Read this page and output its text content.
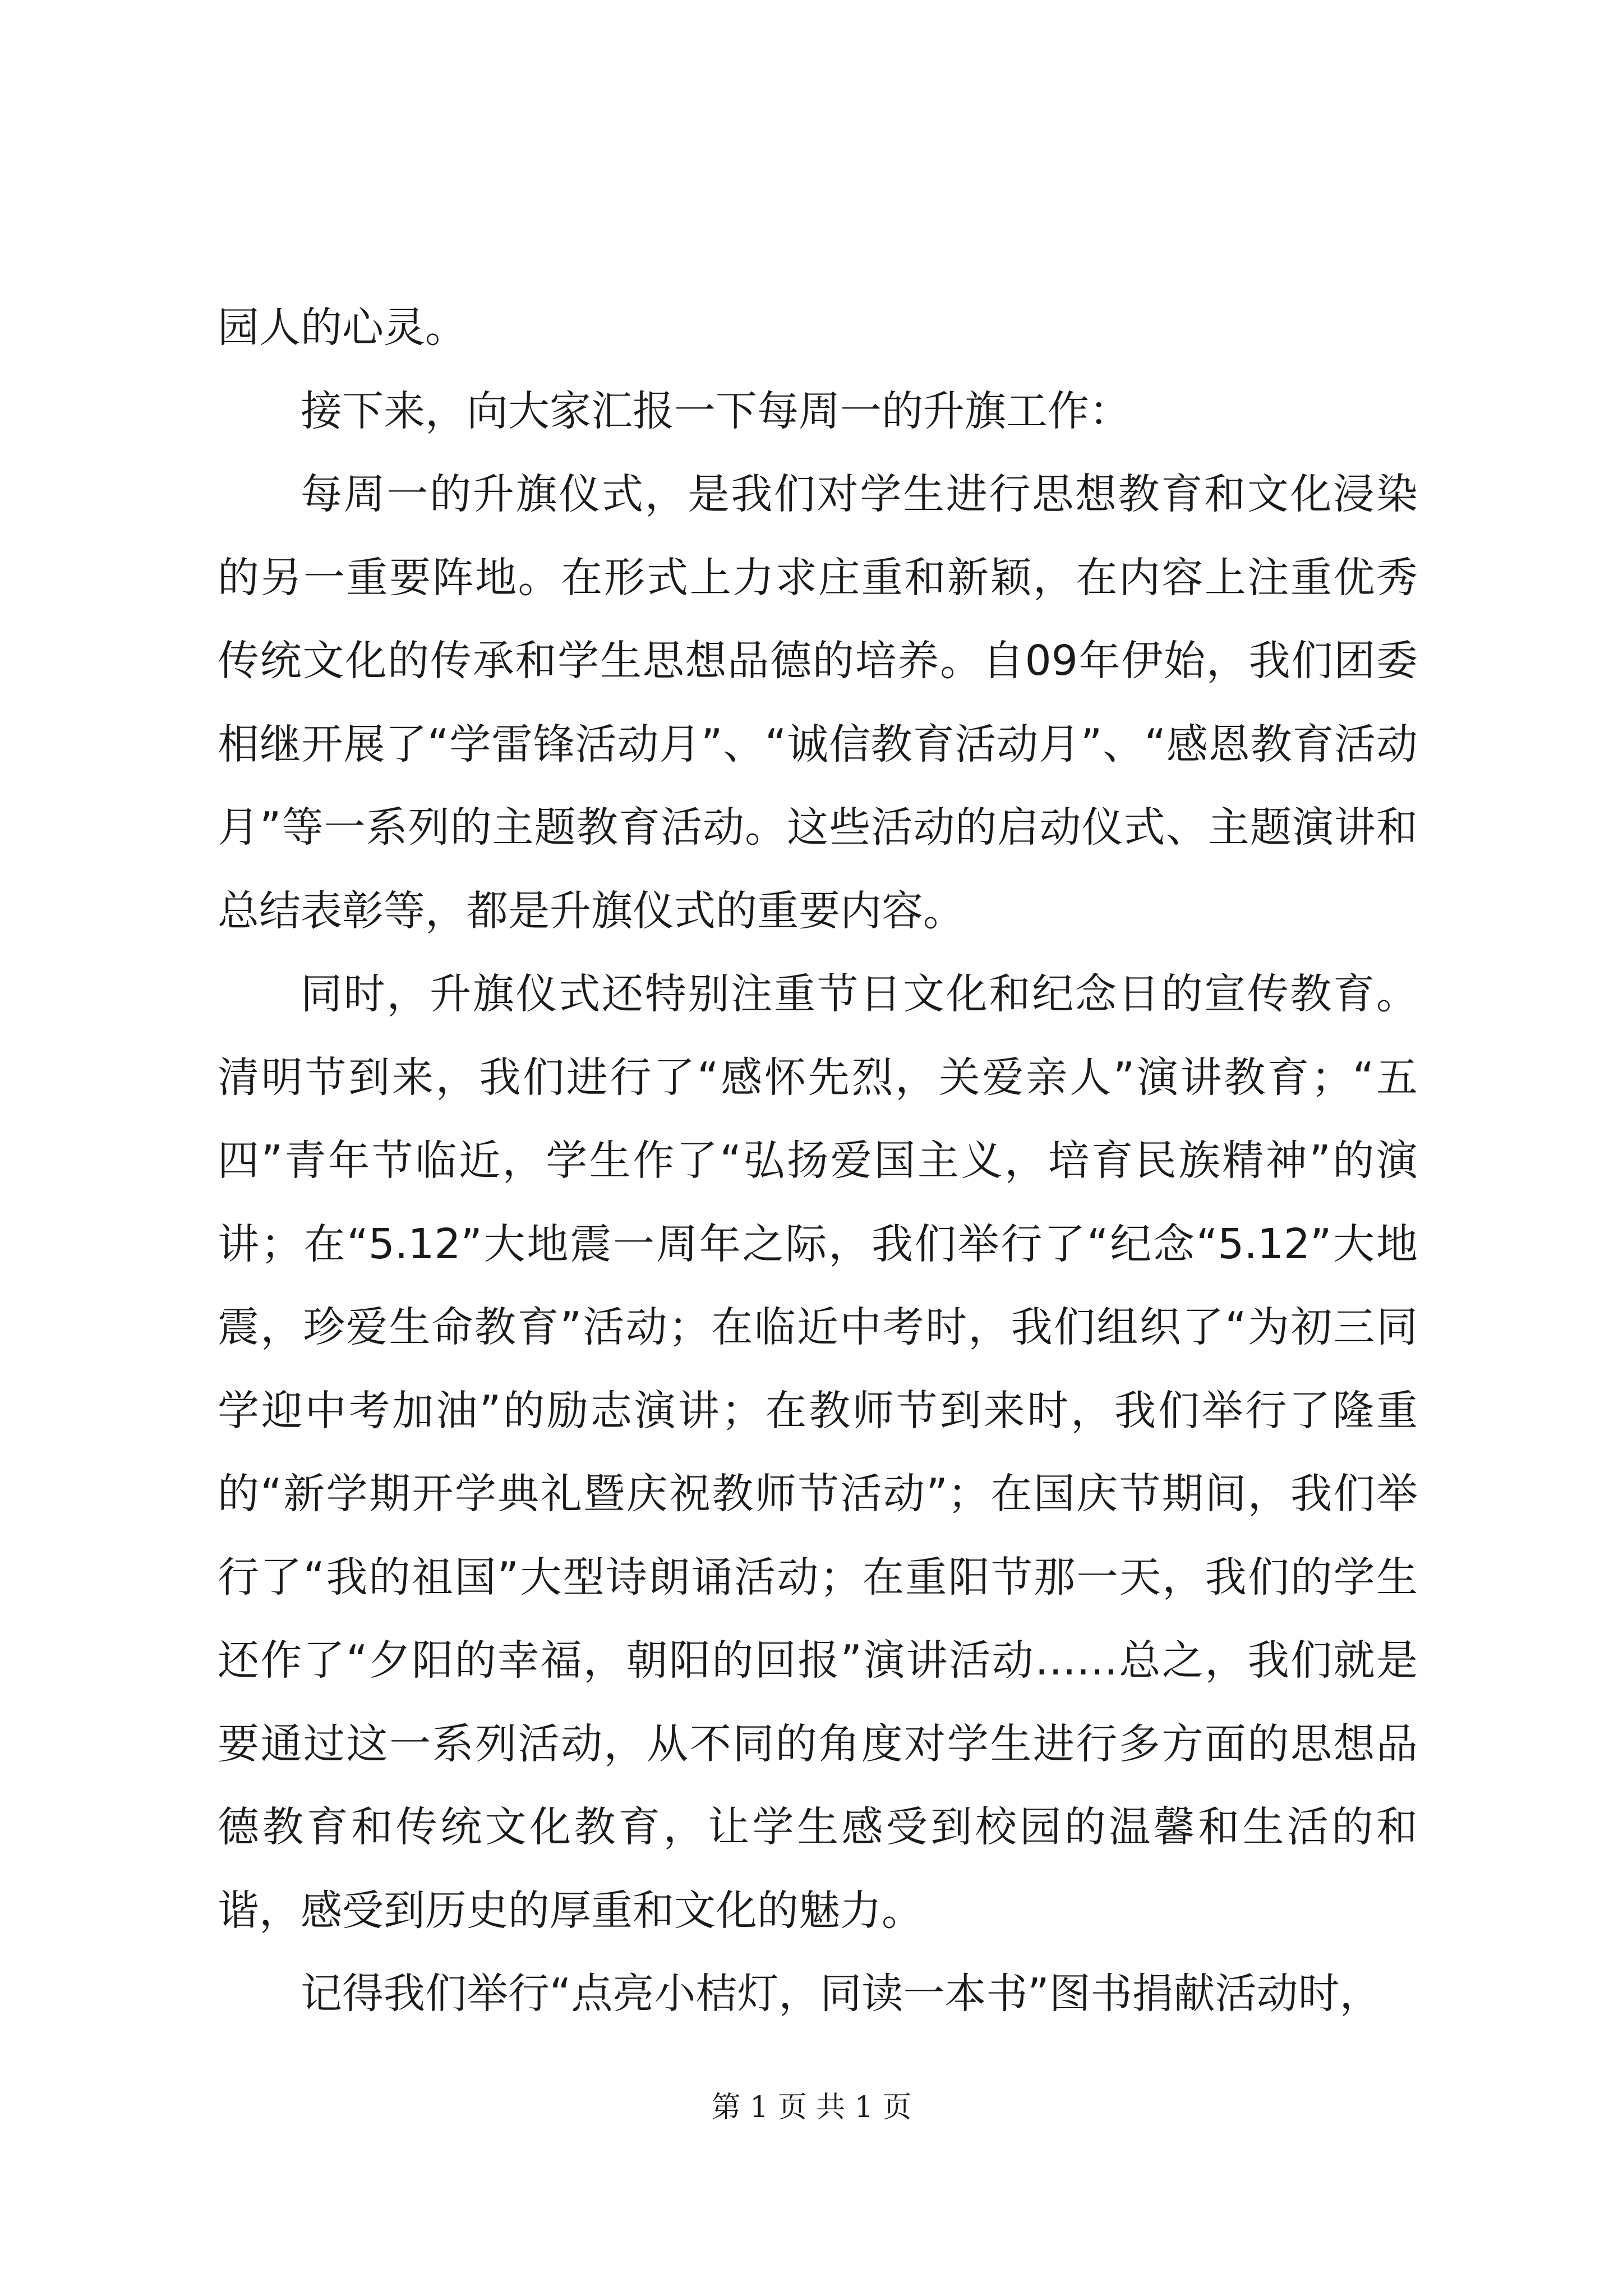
园人的心灵。

接下来，向大家汇报一下每周一的升旗工作：

每周一的升旗仪式，是我们对学生进行思想教育和文化浸染的另一重要阵地。在形式上力求庄重和新颖，在内容上注重优秀传统文化的传承和学生思想品德的培养。自09年伊始，我们团委相继开展了“学雷锋活动月”、“诚信教育活动月”、“感恩教育活动月”等一系列的主题教育活动。这些活动的启动仪式、主题演讲和总结表彰等，都是升旗仪式的重要内容。

同时，升旗仪式还特别注重节日文化和纪念日的宣传教育。清明节到来，我们进行了“感怀先烈，关爱亲人”演讲教育；“五四”青年节临近，学生作了“弘扬爱国主义，培育民族精神”的演讲；在“5.12”大地震一周年之际，我们举行了“纪念“5.12”大地震，珍爱生命教育”活动；在临近中考时，我们组织了“为初三同学迎中考加油”的励志演讲；在教师节到来时，我们举行了隆重的“新学期开学典礼暨庆祝教师节活动”；在国庆节期间，我们举行了“我的祖国”大型诗朗诵活动；在重阳节那一天，我们的学生还作了“夕阳的幸福，朝阳的回报”演讲活动……总之，我们就是要通过这一系列活动，从不同的角度对学生进行多方面的思想品德教育和传统文化教育，让学生感受到校园的温馨和生活的和谐，感受到历史的厚重和文化的魅力。

记得我们举行“点亮小桔灯，同读一本书”图书捐献活动时，

第 1 页 共 1 页
